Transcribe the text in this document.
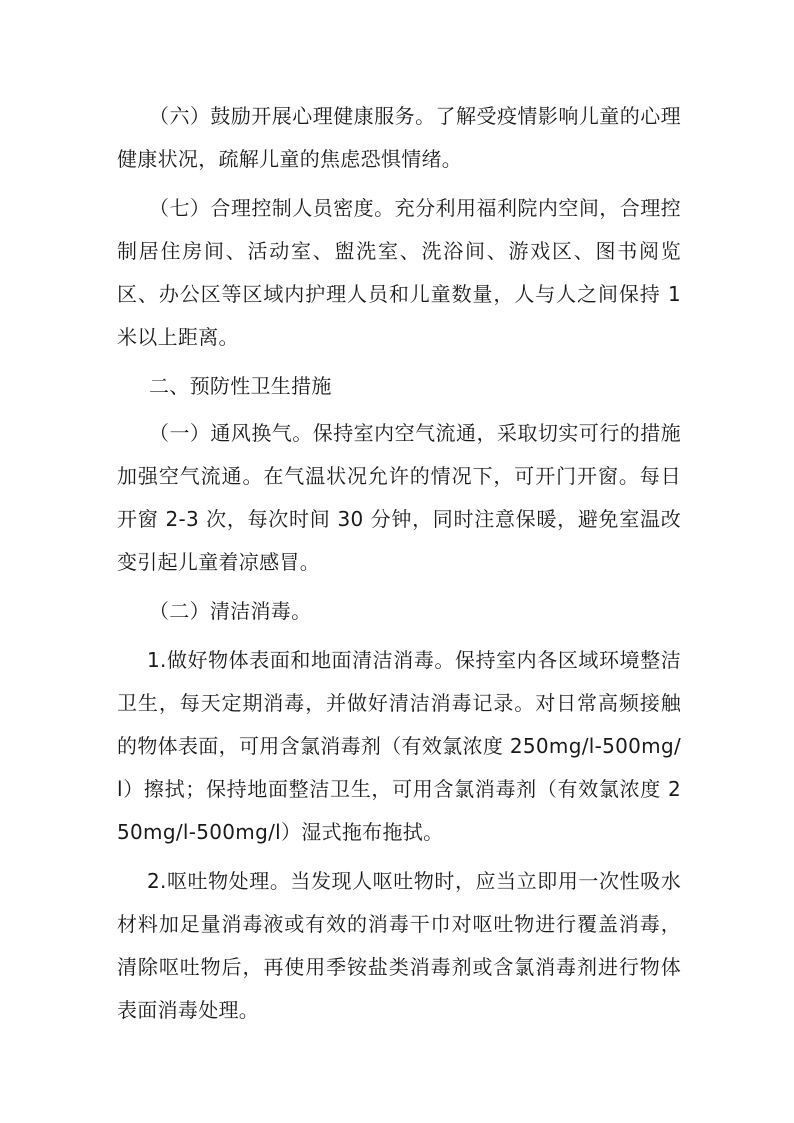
（六）鼓励开展心理健康服务。了解受疫情影响儿童的心理健康状况，疏解儿童的焦虑恐惧情绪。

（七）合理控制人员密度。充分利用福利院内空间，合理控制居住房间、活动室、盥洗室、洗浴间、游戏区、图书阅览区、办公区等区域内护理人员和儿童数量，人与人之间保持 1 米以上距离。

二、预防性卫生措施

（一）通风换气。保持室内空气流通，采取切实可行的措施加强空气流通。在气温状况允许的情况下，可开门开窗。每日开窗 2-3 次，每次时间 30 分钟，同时注意保暖，避免室温改变引起儿童着凉感冒。

（二）清洁消毒。

1.做好物体表面和地面清洁消毒。保持室内各区域环境整洁卫生，每天定期消毒，并做好清洁消毒记录。对日常高频接触的物体表面，可用含氯消毒剂（有效氯浓度 250mg/l-500mg/l）擦拭；保持地面整洁卫生，可用含氯消毒剂（有效氯浓度 250mg/l-500mg/l）湿式拖布拖拭。

2.呕吐物处理。当发现人呕吐物时，应当立即用一次性吸水材料加足量消毒液或有效的消毒干巾对呕吐物进行覆盖消毒，清除呕吐物后，再使用季铵盐类消毒剂或含氯消毒剂进行物体表面消毒处理。
